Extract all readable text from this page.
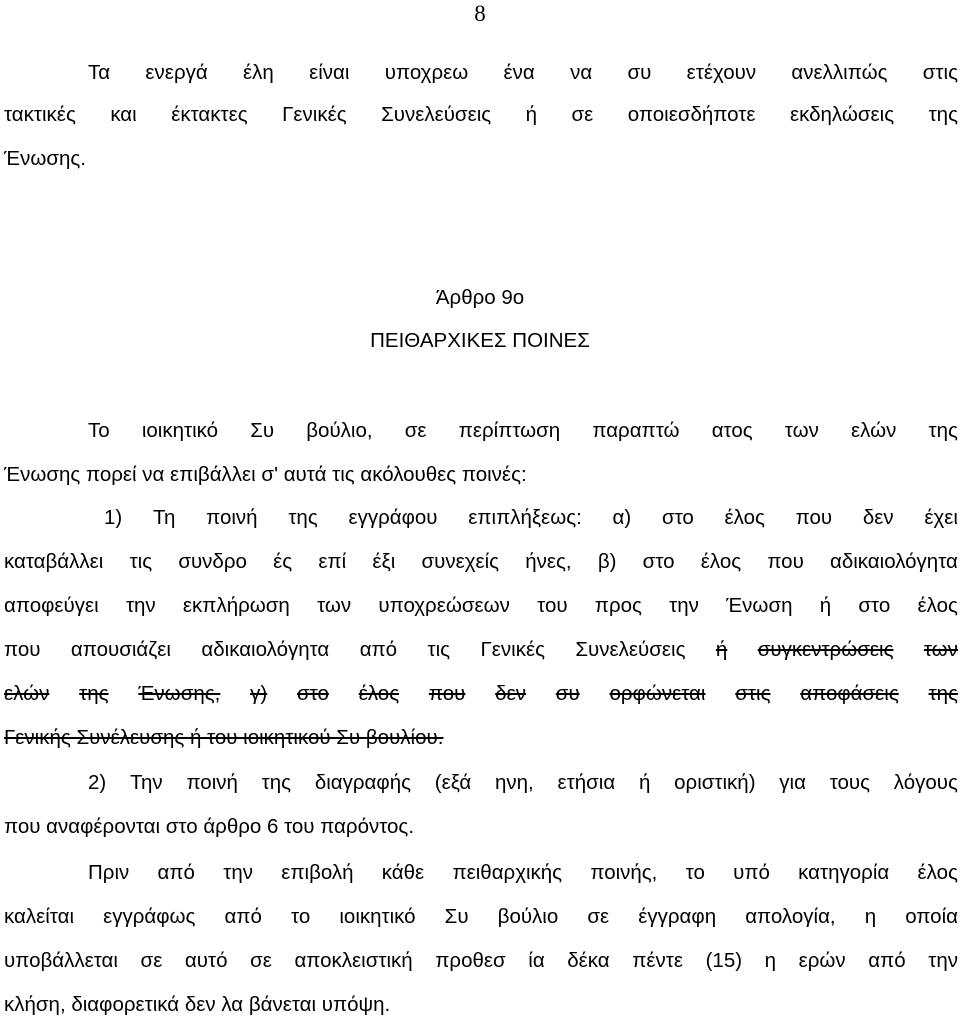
8
Τα ενεργά έλη είναι υποχρεω ένα να συ ετέχουν ανελλιπώς στις
τακτικές και έκτακτες Γενικές Συνελεύσεις ή σε οποιεσδήποτε εκδηλώσεις της
Ένωσης.
Άρθρο 9ο
ΠΕΙΘΑΡΧΙΚΕΣ ΠΟΙΝΕΣ
Το ιοικητικό Συ βούλιο, σε περίπτωση παραπτώ ατος των ελών της
Ένωσης πορεί να επιβάλλει σ' αυτά τις ακόλουθες ποινές:
1) Τη ποινή της εγγράφου επιπλήξεως: α) στο έλος που δεν έχει
καταβάλλει τις συνδρο ές επί έξι συνεχείς ήνες, β) στο έλος που αδικαιολόγητα
αποφεύγει την εκπλήρωση των υποχρεώσεων του προς την Ένωση ή στο έλος
που απουσιάζει αδικαιολόγητα από τις Γενικές Συνελεύσεις ή συγκεντρώσεις των
ελών της Ένωσης, γ) στο έλος που δεν συ ορφώνεται στις αποφάσεις της
Γενικής Συνέλευσης ή του ιοικητικού Συ βουλίου.
2) Την ποινή της διαγραφής (εξά ηνη, ετήσια ή οριστική) για τους λόγους
που αναφέρονται στο άρθρο 6 του παρόντος.
Πριν από την επιβολή κάθε πειθαρχικής ποινής, το υπό κατηγορία έλος
καλείται εγγράφως από το ιοικητικό Συ βούλιο σε έγγραφη απολογία, η οποία
υποβάλλεται σε αυτό σε αποκλειστική προθεσ ία δέκα πέντε (15) η ερών από την
κλήση, διαφορετικά δεν λα βάνεται υπόψη.
